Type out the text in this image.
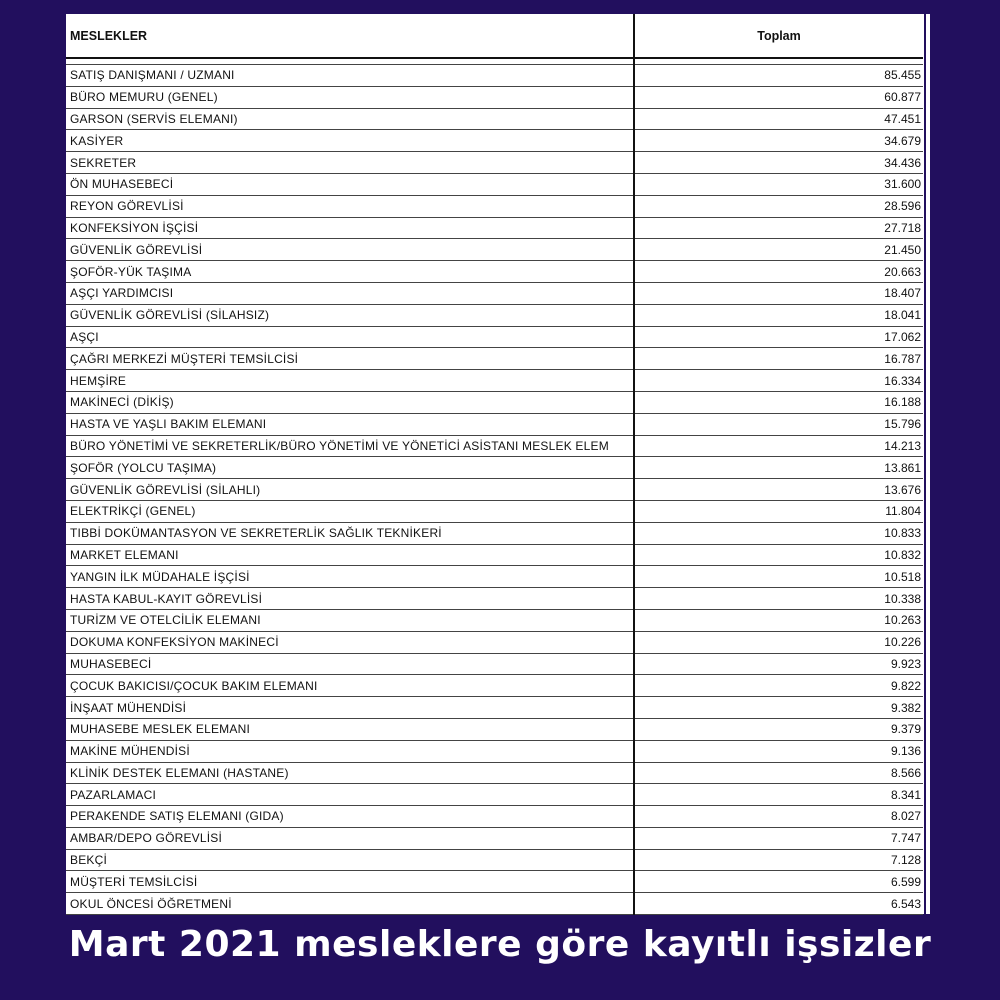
MESLEKLER	Toplam

SATIŞ DANIŞMANI / UZMANI	85.455
BÜRO MEMURU (GENEL)	60.877
GARSON (SERVİS ELEMANI)	47.451
KASİYER	34.679
SEKRETER	34.436
ÖN MUHASEBECİ	31.600
REYON GÖREVLİSİ	28.596
KONFEKSİYON İŞÇİSİ	27.718
GÜVENLİK GÖREVLİSİ	21.450
ŞOFÖR-YÜK TAŞIMA	20.663
AŞÇI YARDIMCISI	18.407
GÜVENLİK GÖREVLİSİ (SİLAHSIZ)	18.041
AŞÇI	17.062
ÇAĞRI MERKEZİ MÜŞTERİ TEMSİLCİSİ	16.787
HEMŞİRE	16.334
MAKİNECİ (DİKİŞ)	16.188
HASTA VE YAŞLI BAKIM ELEMANI	15.796
BÜRO YÖNETİMİ VE SEKRETERLİK/BÜRO YÖNETİMİ VE YÖNETİCİ ASİSTANI MESLEK ELEM	14.213
ŞOFÖR (YOLCU TAŞIMA)	13.861
GÜVENLİK GÖREVLİSİ (SİLAHLI)	13.676
ELEKTRİKÇİ (GENEL)	11.804
TIBBİ DOKÜMANTASYON VE SEKRETERLİK SAĞLIK TEKNİKERİ	10.833
MARKET ELEMANI	10.832
YANGIN İLK MÜDAHALE İŞÇİSİ	10.518
HASTA KABUL-KAYIT GÖREVLİSİ	10.338
TURİZM VE OTELCİLİK ELEMANI	10.263
DOKUMA KONFEKSİYON MAKİNECİ	10.226
MUHASEBECİ	9.923
ÇOCUK BAKICISI/ÇOCUK BAKIM ELEMANI	9.822
İNŞAAT MÜHENDİSİ	9.382
MUHASEBE MESLEK ELEMANI	9.379
MAKİNE MÜHENDİSİ	9.136
KLİNİK DESTEK ELEMANI (HASTANE)	8.566
PAZARLAMACI	8.341
PERAKENDE SATIŞ ELEMANI (GIDA)	8.027
AMBAR/DEPO GÖREVLİSİ	7.747
BEKÇİ	7.128
MÜŞTERİ TEMSİLCİSİ	6.599
OKUL ÖNCESİ ÖĞRETMENİ	6.543
Mart 2021 mesleklere göre kayıtlı işsizler
